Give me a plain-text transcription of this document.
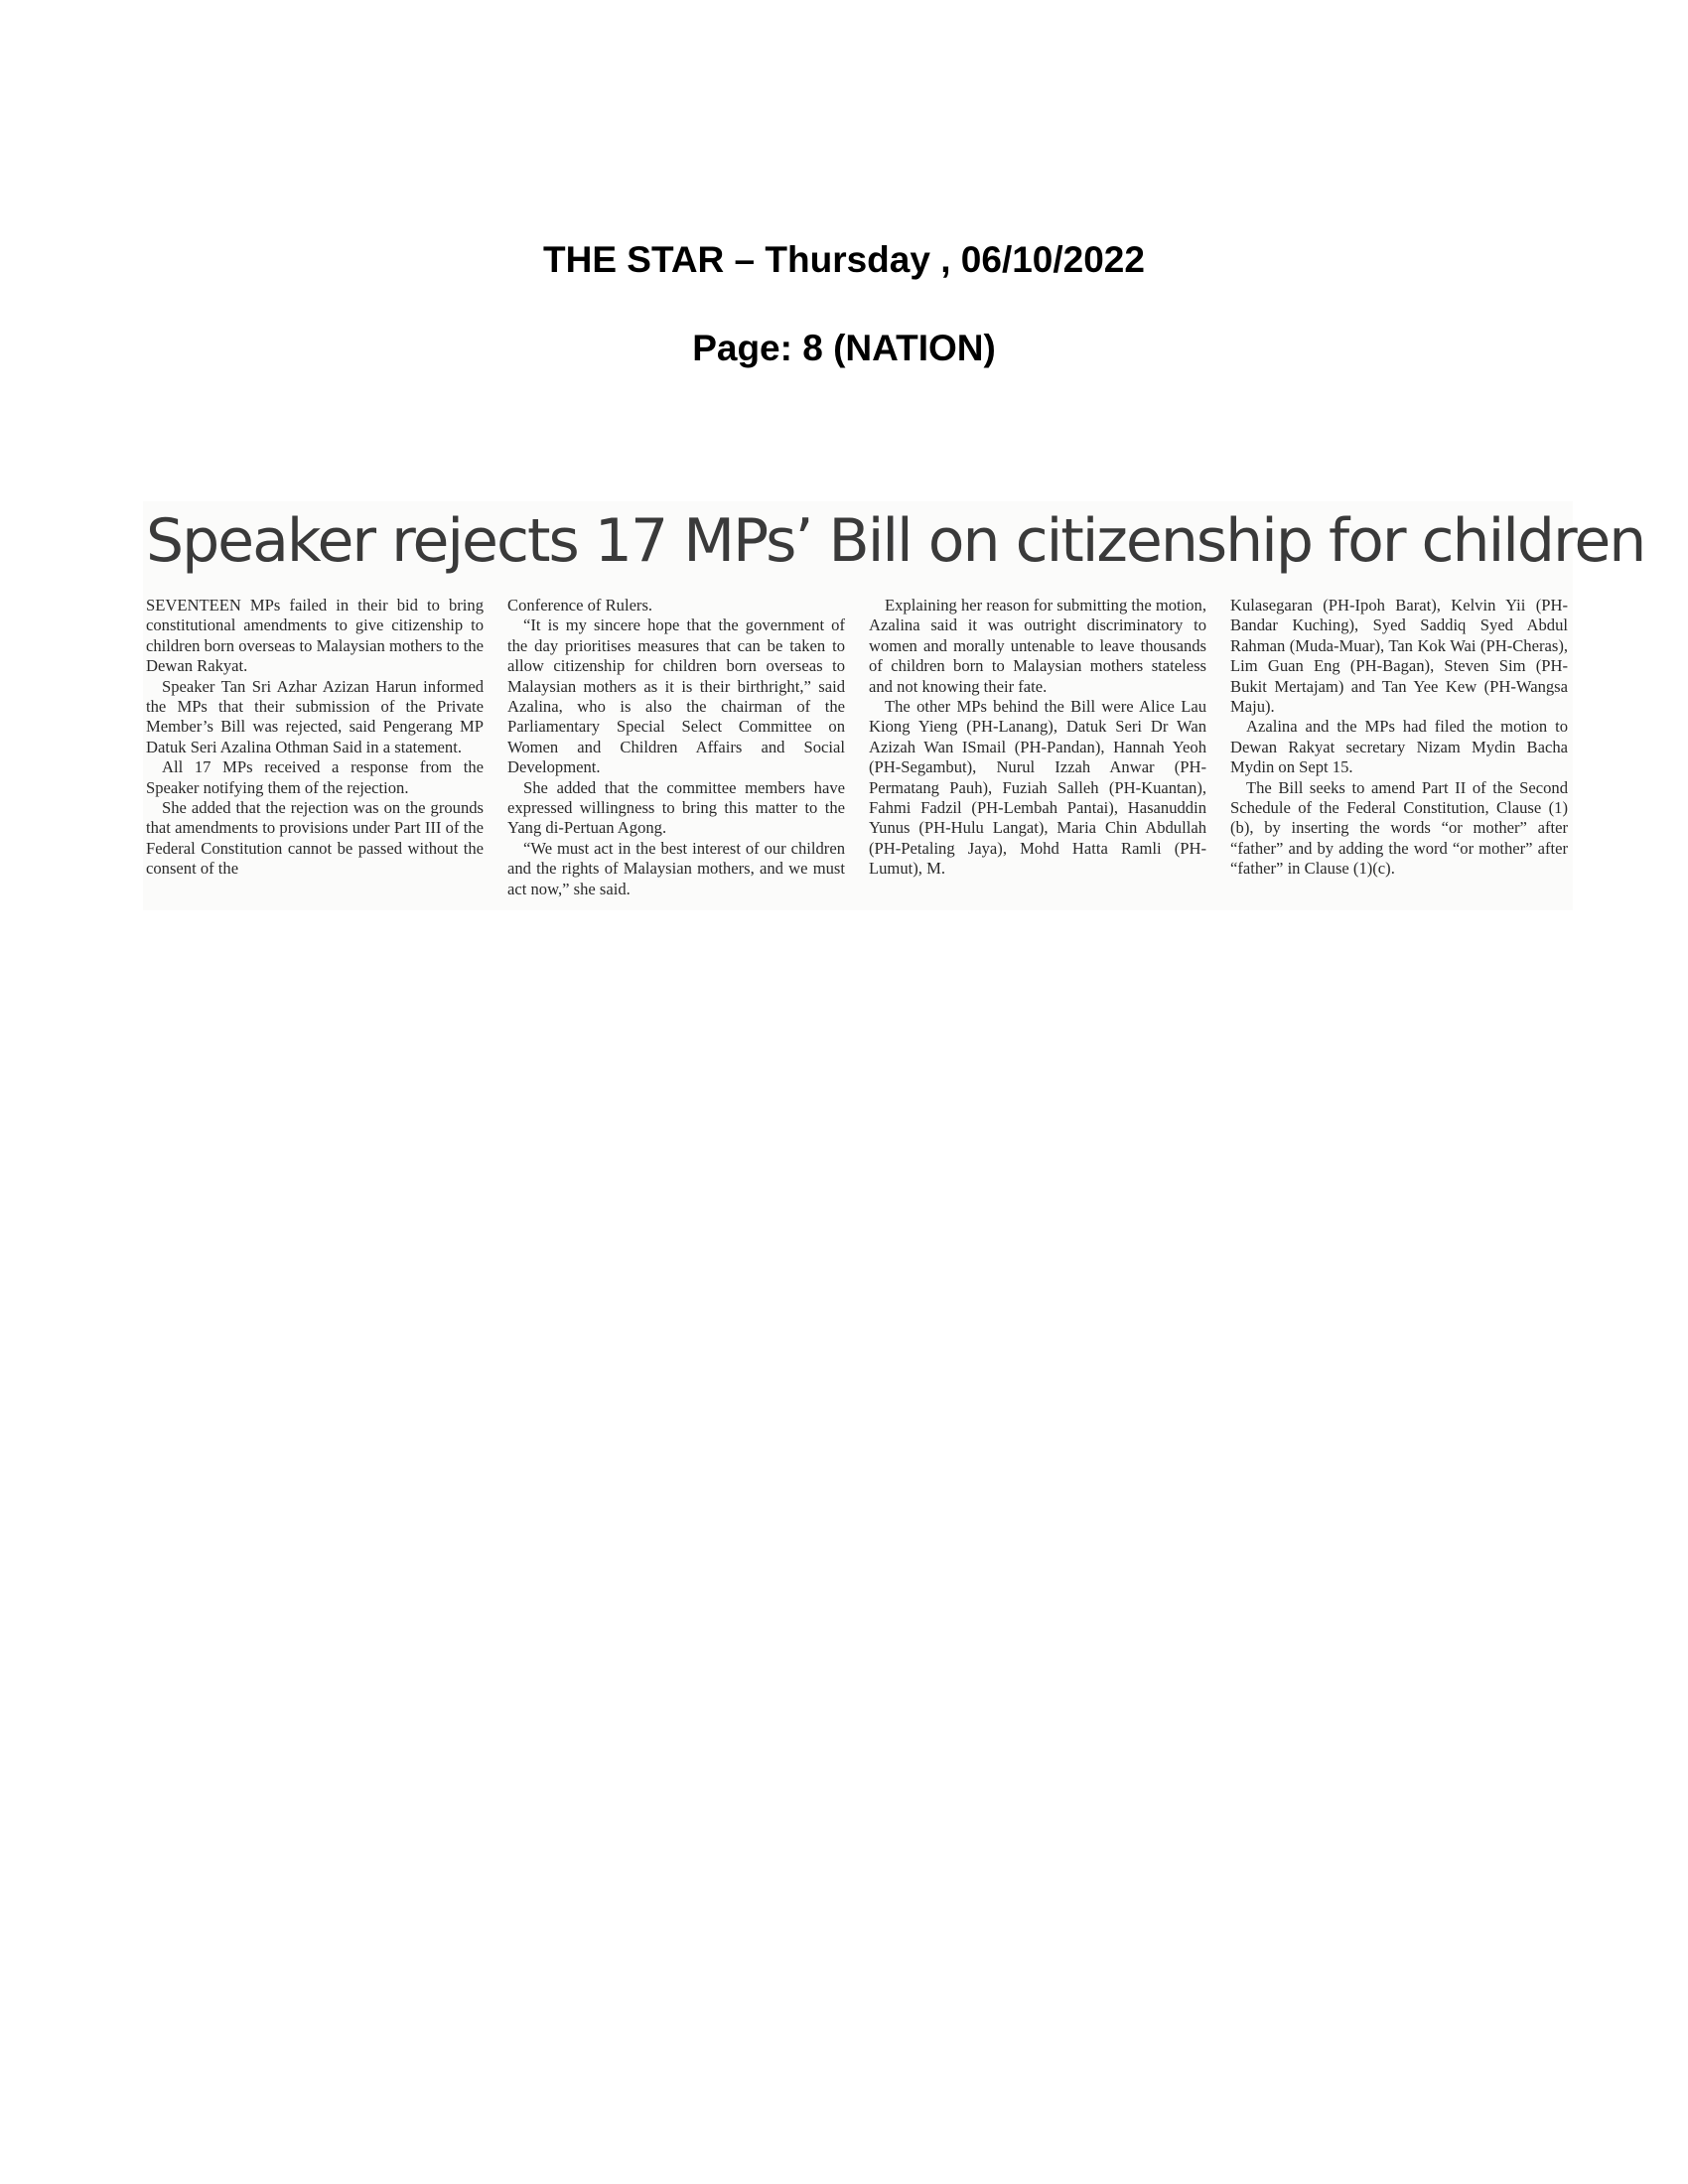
THE STAR – Thursday , 06/10/2022
Page: 8 (NATION)
Speaker rejects 17 MPs’ Bill on citizenship for children

SEVENTEEN MPs failed in their bid to bring constitutional amendments to give citizenship to children born overseas to Malaysian mothers to the Dewan Rakyat.

Speaker Tan Sri Azhar Azizan Harun informed the MPs that their submission of the Private Member’s Bill was rejected, said Pengerang MP Datuk Seri Azalina Othman Said in a statement.

All 17 MPs received a response from the Speaker notifying them of the rejection.

She added that the rejection was on the grounds that amendments to provisions under Part III of the Federal Constitution cannot be passed without the consent of the

Conference of Rulers.

“It is my sincere hope that the government of the day prioritises measures that can be taken to allow citizenship for children born overseas to Malaysian mothers as it is their birthright,” said Azalina, who is also the chairman of the Parliamentary Special Select Committee on Women and Children Affairs and Social Development.

She added that the committee members have expressed willingness to bring this matter to the Yang di-Pertuan Agong.

“We must act in the best interest of our children and the rights of Malaysian mothers, and we must act now,” she said.

Explaining her reason for submitting the motion, Azalina said it was outright discriminatory to women and morally untenable to leave thousands of children born to Malaysian mothers stateless and not knowing their fate.

The other MPs behind the Bill were Alice Lau Kiong Yieng (PH-Lanang), Datuk Seri Dr Wan Azizah Wan ISmail (PH-Pandan), Hannah Yeoh (PH-Segambut), Nurul Izzah Anwar (PH-Permatang Pauh), Fuziah Salleh (PH-Kuantan), Fahmi Fadzil (PH-Lembah Pantai), Hasanuddin Yunus (PH-Hulu Langat), Maria Chin Abdullah (PH-Petaling Jaya), Mohd Hatta Ramli (PH-Lumut), M.

Kulasegaran (PH-Ipoh Barat), Kelvin Yii (PH-Bandar Kuching), Syed Saddiq Syed Abdul Rahman (Muda-Muar), Tan Kok Wai (PH-Cheras), Lim Guan Eng (PH-Bagan), Steven Sim (PH-Bukit Mertajam) and Tan Yee Kew (PH-Wangsa Maju).

Azalina and the MPs had filed the motion to Dewan Rakyat secretary Nizam Mydin Bacha Mydin on Sept 15.

The Bill seeks to amend Part II of the Second Schedule of the Federal Constitution, Clause (1) (b), by inserting the words “or mother” after “father” and by adding the word “or mother” after “father” in Clause (1)(c).
